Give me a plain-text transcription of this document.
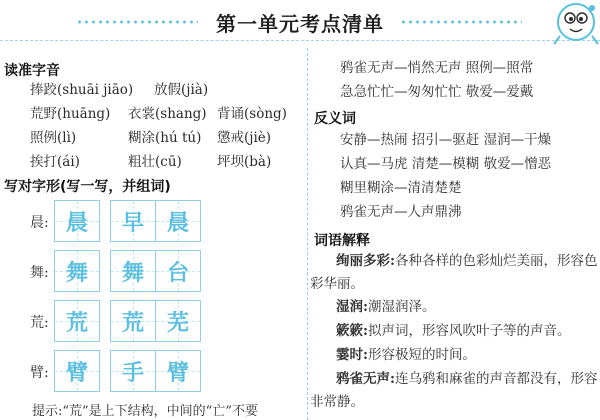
第一单元考点清单
读准字音
捧跤(shuāi jiāo) 放假(jià)
荒野(huāng) 衣裳(shang) 背诵(sòng)
照例(lì)	糊涂(hú tú) 懲戒(jiè)
挨打(ái)	粗壮(cū)	坪坝(bà)
写对字形(写一写，并组词)
晨: 晨 早 晨
舞: 舞 舞 台
荒: 荒 荒 芜
臂: 臂 手 臂
提示:“荒”是上下结构，中间的“亡”不要
鸦雀无声—悄然无声 照例—照常
急急忙忙—匆匆忙忙 敬爱—爱戴
反义词
安静—热闹 招引—驱赶 湿润—干燥
认真—马虎 清楚—模糊 敬爱—憎恶
糊里糊涂—清清楚楚
鸦雀无声—人声鼎沸
词语解释
绚丽多彩:各种各样的色彩灿烂美丽，形容色彩华丽。
湿润:潮湿润泽。
簌簌:拟声词，形容风吹叶子等的声音。
霎时:形容极短的时间。
鸦雀无声:连乌鸦和麻雀的声音都没有，形容非常静。
